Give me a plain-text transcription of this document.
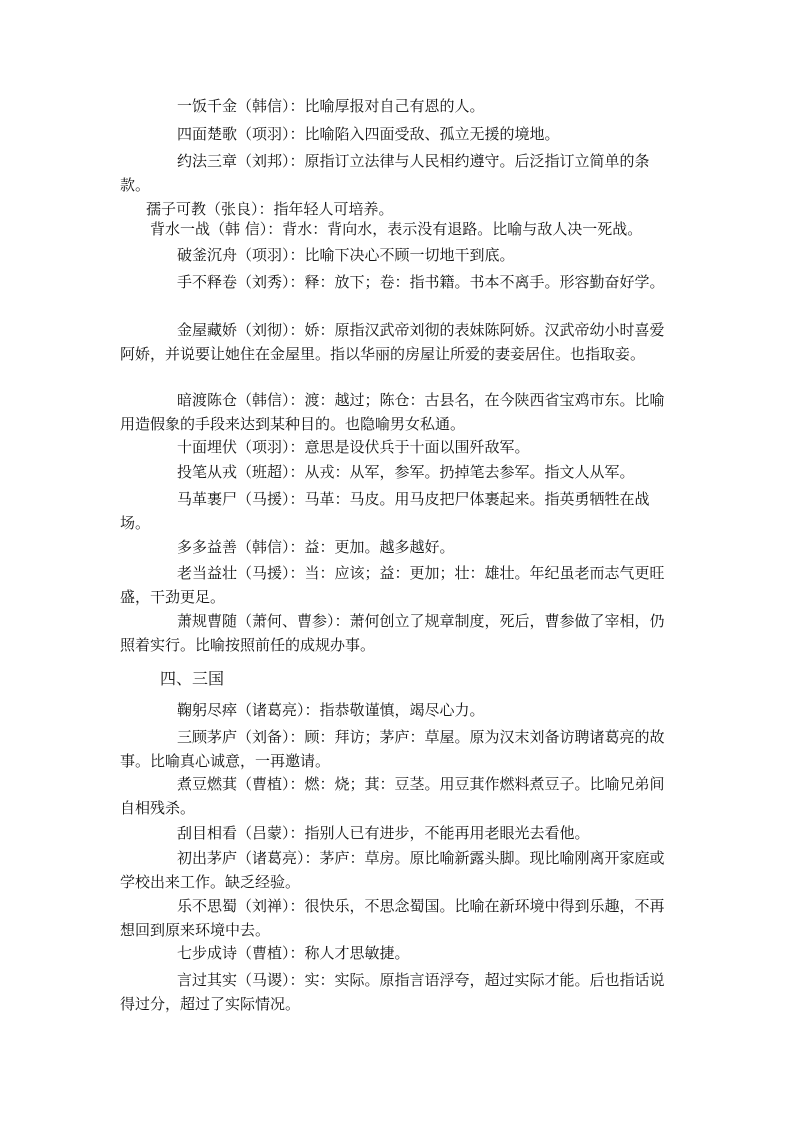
一饭千金（韩信）：比喻厚报对自己有恩的人。

四面楚歌（项羽）：比喻陷入四面受敌、孤立无援的境地。

约法三章（刘邦）：原指订立法律与人民相约遵守。后泛指订立简单的条款。

孺子可教（张良）：指年轻人可培养。

背水一战（韩 信）：背水：背向水，表示没有退路。比喻与敌人决一死战。

破釜沉舟（项羽）：比喻下决心不顾一切地干到底。

手不释卷（刘秀）：释：放下；卷：指书籍。书本不离手。形容勤奋好学。

金屋藏娇（刘彻）：娇：原指汉武帝刘彻的表妹陈阿娇。汉武帝幼小时喜爱阿娇，并说要让她住在金屋里。指以华丽的房屋让所爱的妻妾居住。也指取妾。

暗渡陈仓（韩信）：渡：越过；陈仓：古县名，在今陕西省宝鸡市东。比喻用造假象的手段来达到某种目的。也隐喻男女私通。

十面埋伏（项羽）：意思是设伏兵于十面以围歼敌军。

投笔从戎（班超）：从戎：从军，参军。扔掉笔去参军。指文人从军。

马革裹尸（马援）：马革：马皮。用马皮把尸体裹起来。指英勇牺牲在战场。

多多益善（韩信）：益：更加。越多越好。

老当益壮（马援）：当：应该；益：更加；壮：雄壮。年纪虽老而志气更旺盛，干劲更足。

萧规曹随（萧何、曹参）：萧何创立了规章制度，死后，曹参做了宰相，仍照着实行。比喻按照前任的成规办事。

四、三国

鞠躬尽瘁（诸葛亮）：指恭敬谨慎，竭尽心力。

三顾茅庐（刘备）：顾：拜访；茅庐：草屋。原为汉末刘备访聘诸葛亮的故事。比喻真心诚意，一再邀请。

煮豆燃萁（曹植）：燃：烧；萁：豆茎。用豆萁作燃料煮豆子。比喻兄弟间自相残杀。

刮目相看（吕蒙）：指别人已有进步，不能再用老眼光去看他。

初出茅庐（诸葛亮）：茅庐：草房。原比喻新露头脚。现比喻刚离开家庭或学校出来工作。缺乏经验。

乐不思蜀（刘禅）：很快乐，不思念蜀国。比喻在新环境中得到乐趣，不再想回到原来环境中去。

七步成诗（曹植）：称人才思敏捷。

言过其实（马谡）：实：实际。原指言语浮夸，超过实际才能。后也指话说得过分，超过了实际情况。
